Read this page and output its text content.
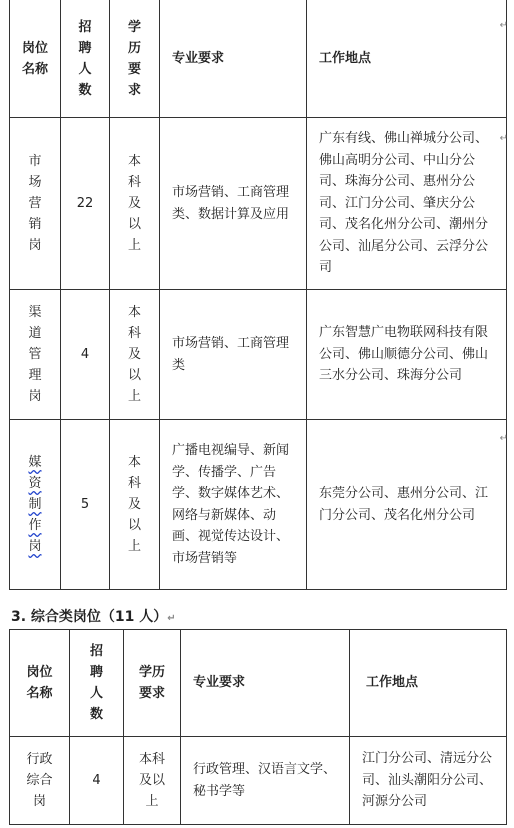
岗位名称	招聘人数	学历要求	专业要求	工作地点

市场营销岗	22	本科及以上	市场营销、工商管理类、数据计算及应用	广东有线、佛山禅城分公司、佛山高明分公司、中山分公司、珠海分公司、惠州分公司、江门分公司、肇庆分公司、茂名化州分公司、潮州分公司、汕尾分公司、云浮分公司

渠道管理岗	4	本科及以上	市场营销、工商管理类	广东智慧广电物联网科技有限公司、佛山顺德分公司、佛山三水分公司、珠海分公司

媒资制作岗	5	本科及以上	广播电视编导、新闻学、传播学、广告学、数字媒体艺术、网络与新媒体、动画、视觉传达设计、市场营销等	东莞分公司、惠州分公司、江门分公司、茂名化州分公司
↵
↵
↵
3. 综合类岗位（11 人）↵
岗位名称	招聘人数	学历要求	专业要求	工作地点

行政综合岗	4	本科及以上	行政管理、汉语言文学、秘书学等	江门分公司、清远分公司、汕头潮阳分公司、河源分公司
